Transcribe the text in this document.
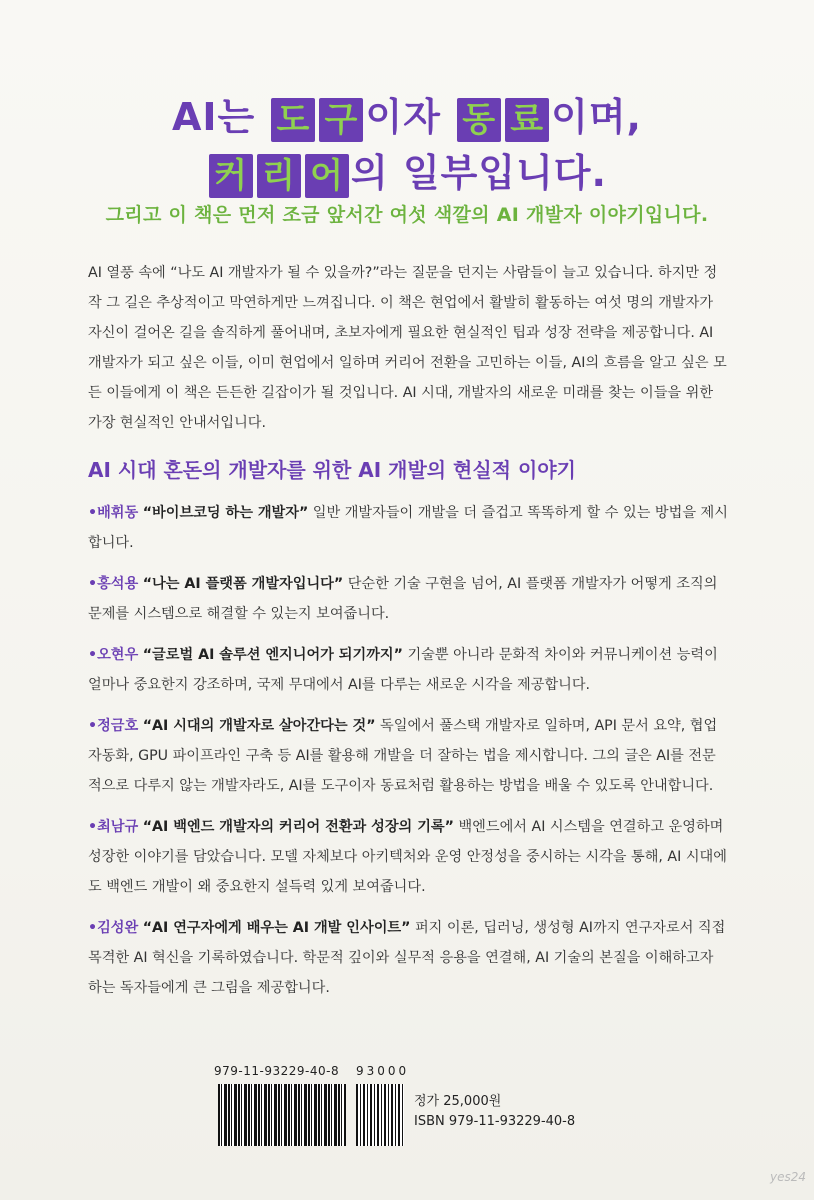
AI는 도 구 이자 동 료 이며,
커 리 어 의 일부입니다.
그리고 이 책은 먼저 조금 앞서간 여섯 색깔의 AI 개발자 이야기입니다.
AI 열풍 속에 “나도 AI 개발자가 될 수 있을까?”라는 질문을 던지는 사람들이 늘고 있습니다. 하지만 정작 그 길은 추상적이고 막연하게만 느껴집니다. 이 책은 현업에서 활발히 활동하는 여섯 명의 개발자가 자신이 걸어온 길을 솔직하게 풀어내며, 초보자에게 필요한 현실적인 팁과 성장 전략을 제공합니다. AI 개발자가 되고 싶은 이들, 이미 현업에서 일하며 커리어 전환을 고민하는 이들, AI의 흐름을 알고 싶은 모든 이들에게 이 책은 든든한 길잡이가 될 것입니다. AI 시대, 개발자의 새로운 미래를 찾는 이들을 위한 가장 현실적인 안내서입니다.
AI 시대 혼돈의 개발자를 위한 AI 개발의 현실적 이야기
•배휘동 “바이브코딩 하는 개발자” 일반 개발자들이 개발을 더 즐겁고 똑똑하게 할 수 있는 방법을 제시합니다.
•홍석용 “나는 AI 플랫폼 개발자입니다” 단순한 기술 구현을 넘어, AI 플랫폼 개발자가 어떻게 조직의 문제를 시스템으로 해결할 수 있는지 보여줍니다.
•오현우 “글로벌 AI 솔루션 엔지니어가 되기까지” 기술뿐 아니라 문화적 차이와 커뮤니케이션 능력이 얼마나 중요한지 강조하며, 국제 무대에서 AI를 다루는 새로운 시각을 제공합니다.
•정금호 “AI 시대의 개발자로 살아간다는 것” 독일에서 풀스택 개발자로 일하며, API 문서 요약, 협업 자동화, GPU 파이프라인 구축 등 AI를 활용해 개발을 더 잘하는 법을 제시합니다. 그의 글은 AI를 전문적으로 다루지 않는 개발자라도, AI를 도구이자 동료처럼 활용하는 방법을 배울 수 있도록 안내합니다.
•최남규 “AI 백엔드 개발자의 커리어 전환과 성장의 기록” 백엔드에서 AI 시스템을 연결하고 운영하며 성장한 이야기를 담았습니다. 모델 자체보다 아키텍처와 운영 안정성을 중시하는 시각을 통해, AI 시대에도 백엔드 개발이 왜 중요한지 설득력 있게 보여줍니다.
•김성완 “AI 연구자에게 배우는 AI 개발 인사이트” 퍼지 이론, 딥러닝, 생성형 AI까지 연구자로서 직접 목격한 AI 혁신을 기록하였습니다. 학문적 깊이와 실무적 응용을 연결해, AI 기술의 본질을 이해하고자 하는 독자들에게 큰 그림을 제공합니다.
979-11-93229-40-8 93000
정가 25,000원
ISBN 979-11-93229-40-8
yes24
